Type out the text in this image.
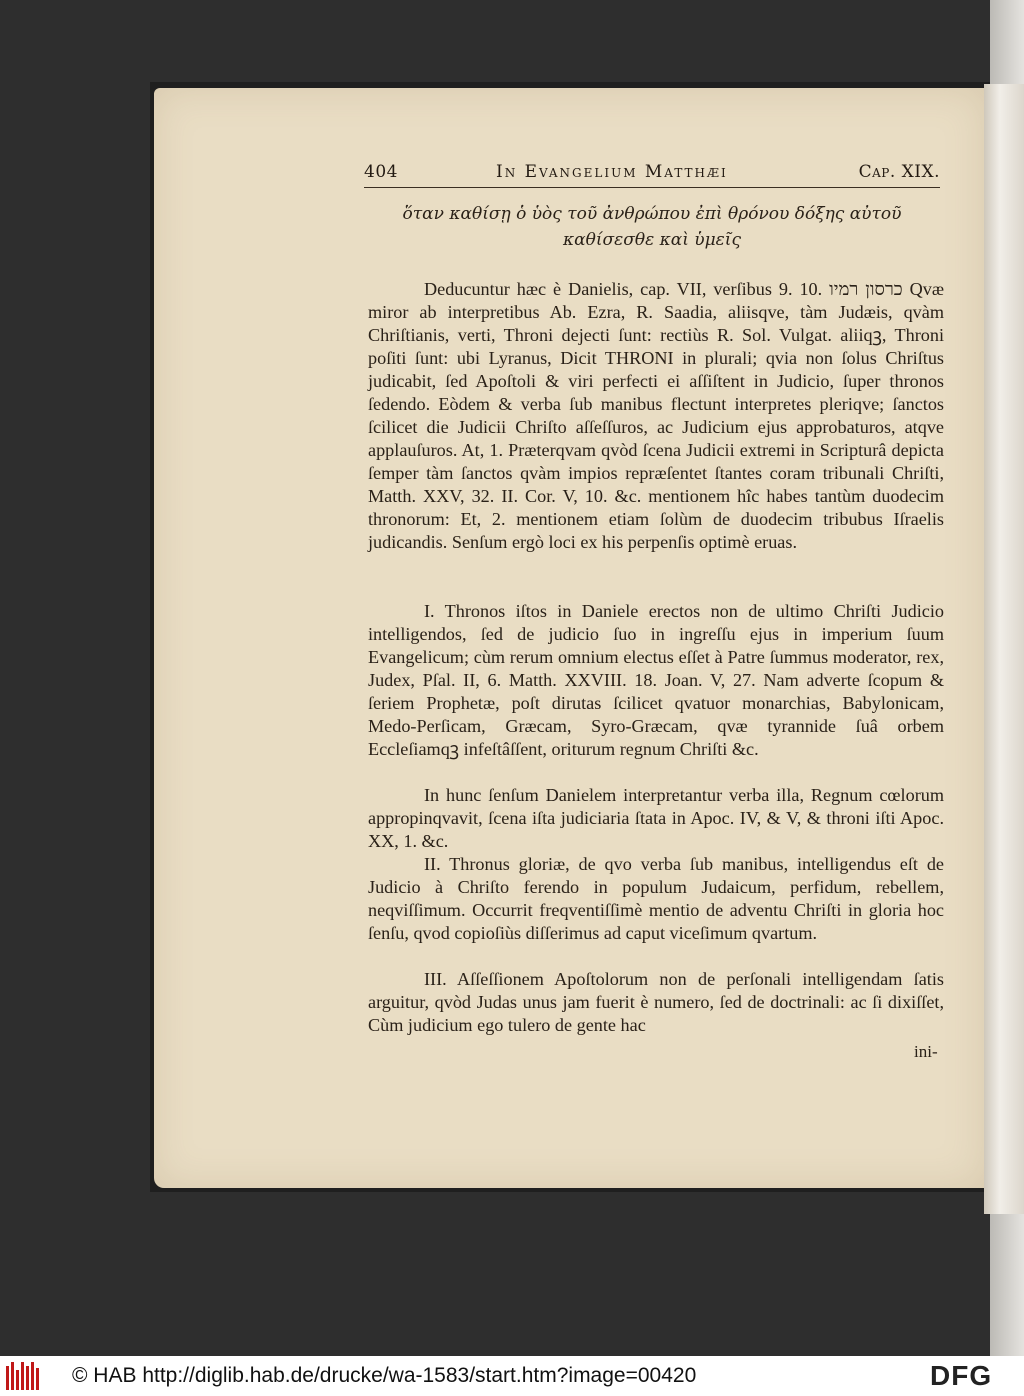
404	In Evangelium Matthæi	Cap. XIX.
ὅταν καθίσῃ ὁ ὑὸς τοῦ ἀνθρώπου ἐπὶ θρόνου δόξης αὐτοῦ
καθίσεσθε καὶ ὑμεῖς

Deducuntur hæc è Danielis, cap. VII, verſibus 9. 10. כרסון רמיו Qvæ miror ab interpretibus Ab. Ezra, R. Saadia, aliisqve, tàm Judæis, qvàm Chriſtianis, verti, Throni dejecti ſunt: rectiùs R. Sol. Vulgat. aliiqꝫ, Throni poſiti ſunt: ubi Lyranus, Dicit THRONI in plurali; qvia non ſolus Chriſtus judicabit, ſed Apoſtoli & viri perfecti ei aſſiſtent in Judicio, ſuper thronos ſedendo. Eòdem & verba ſub manibus flectunt interpretes pleriqve; ſanctos ſcilicet die Judicii Chriſto aſſeſſuros, ac Judicium ejus approbaturos, atqve applauſuros. At, 1. Præterqvam qvòd ſcena Judicii extremi in Scripturâ depicta ſemper tàm ſanctos qvàm impios repræſentet ſtantes coram tribunali Chriſti, Matth. XXV, 32. II. Cor. V, 10. &c. mentionem hîc habes tantùm duodecim thronorum: Et, 2. mentionem etiam ſolùm de duodecim tribubus Iſraelis judicandis. Senſum ergò loci ex his perpenſis optimè eruas.

I. Thronos iſtos in Daniele erectos non de ultimo Chriſti Judicio intelligendos, ſed de judicio ſuo in ingreſſu ejus in imperium ſuum Evangelicum; cùm rerum omnium electus eſſet à Patre ſummus moderator, rex, Judex, Pſal. II, 6. Matth. XXVIII. 18. Joan. V, 27. Nam adverte ſcopum & ſeriem Prophetæ, poſt dirutas ſcilicet qvatuor monarchias, Babylonicam, Medo-Perſicam, Græcam, Syro-Græcam, qvæ tyrannide ſuâ orbem Eccleſiamqꝫ infeſtâſſent, oriturum regnum Chriſti &c.

In hunc ſenſum Danielem interpretantur verba illa, Regnum cœlorum appropinqvavit, ſcena iſta judiciaria ſtata in Apoc. IV, & V, & throni iſti Apoc. XX, 1. &c.

II. Thronus gloriæ, de qvo verba ſub manibus, intelligendus eſt de Judicio à Chriſto ferendo in populum Judaicum, perfidum, rebellem, neqviſſimum. Occurrit freqventiſſimè mentio de adventu Chriſti in gloria hoc ſenſu, qvod copioſiùs diſſerimus ad caput viceſimum qvartum.

III. Aſſeſſionem Apoſtolorum non de perſonali intelligendam ſatis arguitur, qvòd Judas unus jam fuerit è numero, ſed de doctrinali: ac ſi dixiſſet, Cùm judicium ego tulero de gente hac

ini-
© HAB http://diglib.hab.de/drucke/wa-1583/start.htm?image=00420	DFG
